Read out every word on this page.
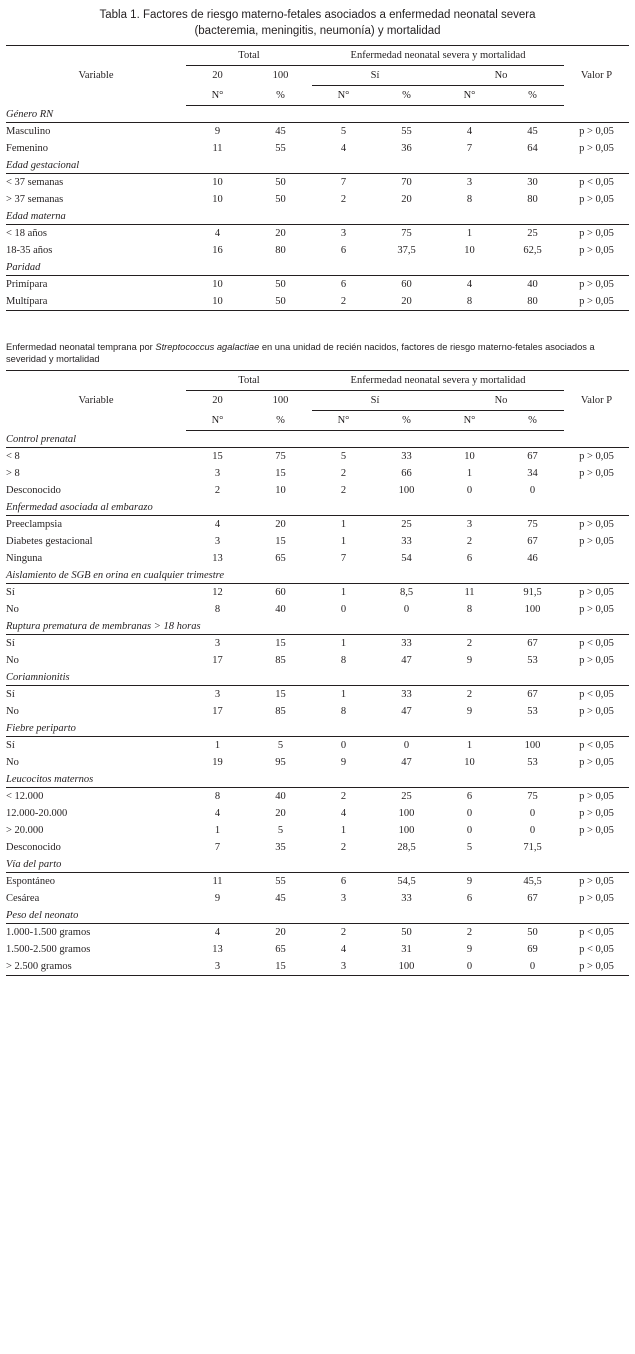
Tabla 1. Factores de riesgo materno-fetales asociados a enfermedad neonatal severa
(bacteremia, meningitis, neumonía) y mortalidad
Variable	Total		Enfermedad neonatal severa y mortalidad				Valor P
	20	100	Sí		No		
	N°	%	N°	%	N°	%	
Género RN							
Masculino	9	45	5	55	4	45	p > 0,05
Femenino	11	55	4	36	7	64	p > 0,05
Edad gestacional							
< 37 semanas	10	50	7	70	3	30	p < 0,05
> 37 semanas	10	50	2	20	8	80	p > 0,05
Edad materna							
< 18 años	4	20	3	75	1	25	p > 0,05
18-35 años	16	80	6	37,5	10	62,5	p > 0,05
Paridad							
Primípara	10	50	6	60	4	40	p > 0,05
Multípara	10	50	2	20	8	80	p > 0,05

Enfermedad neonatal temprana por Streptococcus agalactiae en una unidad de recién nacidos, factores de riesgo materno-fetales asociados a severidad y mortalidad
Variable	Total		Enfermedad neonatal severa y mortalidad				Valor P
	20	100	Sí		No		
	N°	%	N°	%	N°	%	
Control prenatal							
< 8	15	75	5	33	10	67	p > 0,05
> 8	3	15	2	66	1	34	p > 0,05
Desconocido	2	10	2	100	0	0	
Enfermedad asociada al embarazo							
Preeclampsia	4	20	1	25	3	75	p > 0,05
Diabetes gestacional	3	15	1	33	2	67	p > 0,05
Ninguna	13	65	7	54	6	46	
Aislamiento de SGB en orina en cualquier trimestre							
Sí	12	60	1	8,5	11	91,5	p > 0,05
No	8	40	0	0	8	100	p > 0,05
Ruptura prematura de membranas > 18 horas							
Sí	3	15	1	33	2	67	p < 0,05
No	17	85	8	47	9	53	p > 0,05
Coriamnionitis							
Sí	3	15	1	33	2	67	p < 0,05
No	17	85	8	47	9	53	p > 0,05
Fiebre periparto							
Sí	1	5	0	0	1	100	p < 0,05
No	19	95	9	47	10	53	p > 0,05
Leucocitos maternos							
< 12.000	8	40	2	25	6	75	p > 0,05
12.000-20.000	4	20	4	100	0	0	p > 0,05
> 20.000	1	5	1	100	0	0	p > 0,05
Desconocido	7	35	2	28,5	5	71,5	
Vía del parto							
Espontáneo	11	55	6	54,5	9	45,5	p > 0,05
Cesárea	9	45	3	33	6	67	p > 0,05
Peso del neonato							
1.000-1.500 gramos	4	20	2	50	2	50	p < 0,05
1.500-2.500 gramos	13	65	4	31	9	69	p < 0,05
> 2.500 gramos	3	15	3	100	0	0	p > 0,05
